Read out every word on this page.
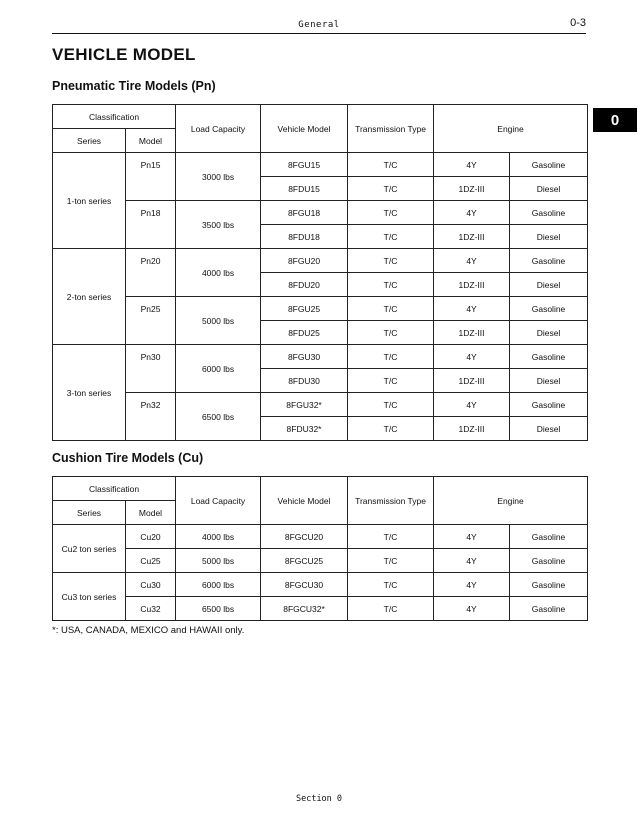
General	0-3
VEHICLE MODEL
0
Pneumatic Tire Models (Pn)
Classification		Load Capacity	Vehicle Model	Transmission Type	Engine	
Series	Model					
1-ton series	Pn15	3000 lbs	8FGU15	T/C	4Y	Gasoline
			8FDU15	T/C	1DZ-III	Diesel
	Pn18	3500 lbs	8FGU18	T/C	4Y	Gasoline
			8FDU18	T/C	1DZ-III	Diesel
2-ton series	Pn20	4000 lbs	8FGU20	T/C	4Y	Gasoline
			8FDU20	T/C	1DZ-III	Diesel
	Pn25	5000 lbs	8FGU25	T/C	4Y	Gasoline
			8FDU25	T/C	1DZ-III	Diesel
3-ton series	Pn30	6000 lbs	8FGU30	T/C	4Y	Gasoline
			8FDU30	T/C	1DZ-III	Diesel
	Pn32	6500 lbs	8FGU32*	T/C	4Y	Gasoline
			8FDU32*	T/C	1DZ-III	Diesel
Cushion Tire Models (Cu)
Classification		Load Capacity	Vehicle Model	Transmission Type	Engine	
Series	Model					
Cu2 ton series	Cu20	4000 lbs	8FGCU20	T/C	4Y	Gasoline
	Cu25	5000 lbs	8FGCU25	T/C	4Y	Gasoline
Cu3 ton series	Cu30	6000 lbs	8FGCU30	T/C	4Y	Gasoline
	Cu32	6500 lbs	8FGCU32*	T/C	4Y	Gasoline
*: USA, CANADA, MEXICO and HAWAII only.
Section 0
